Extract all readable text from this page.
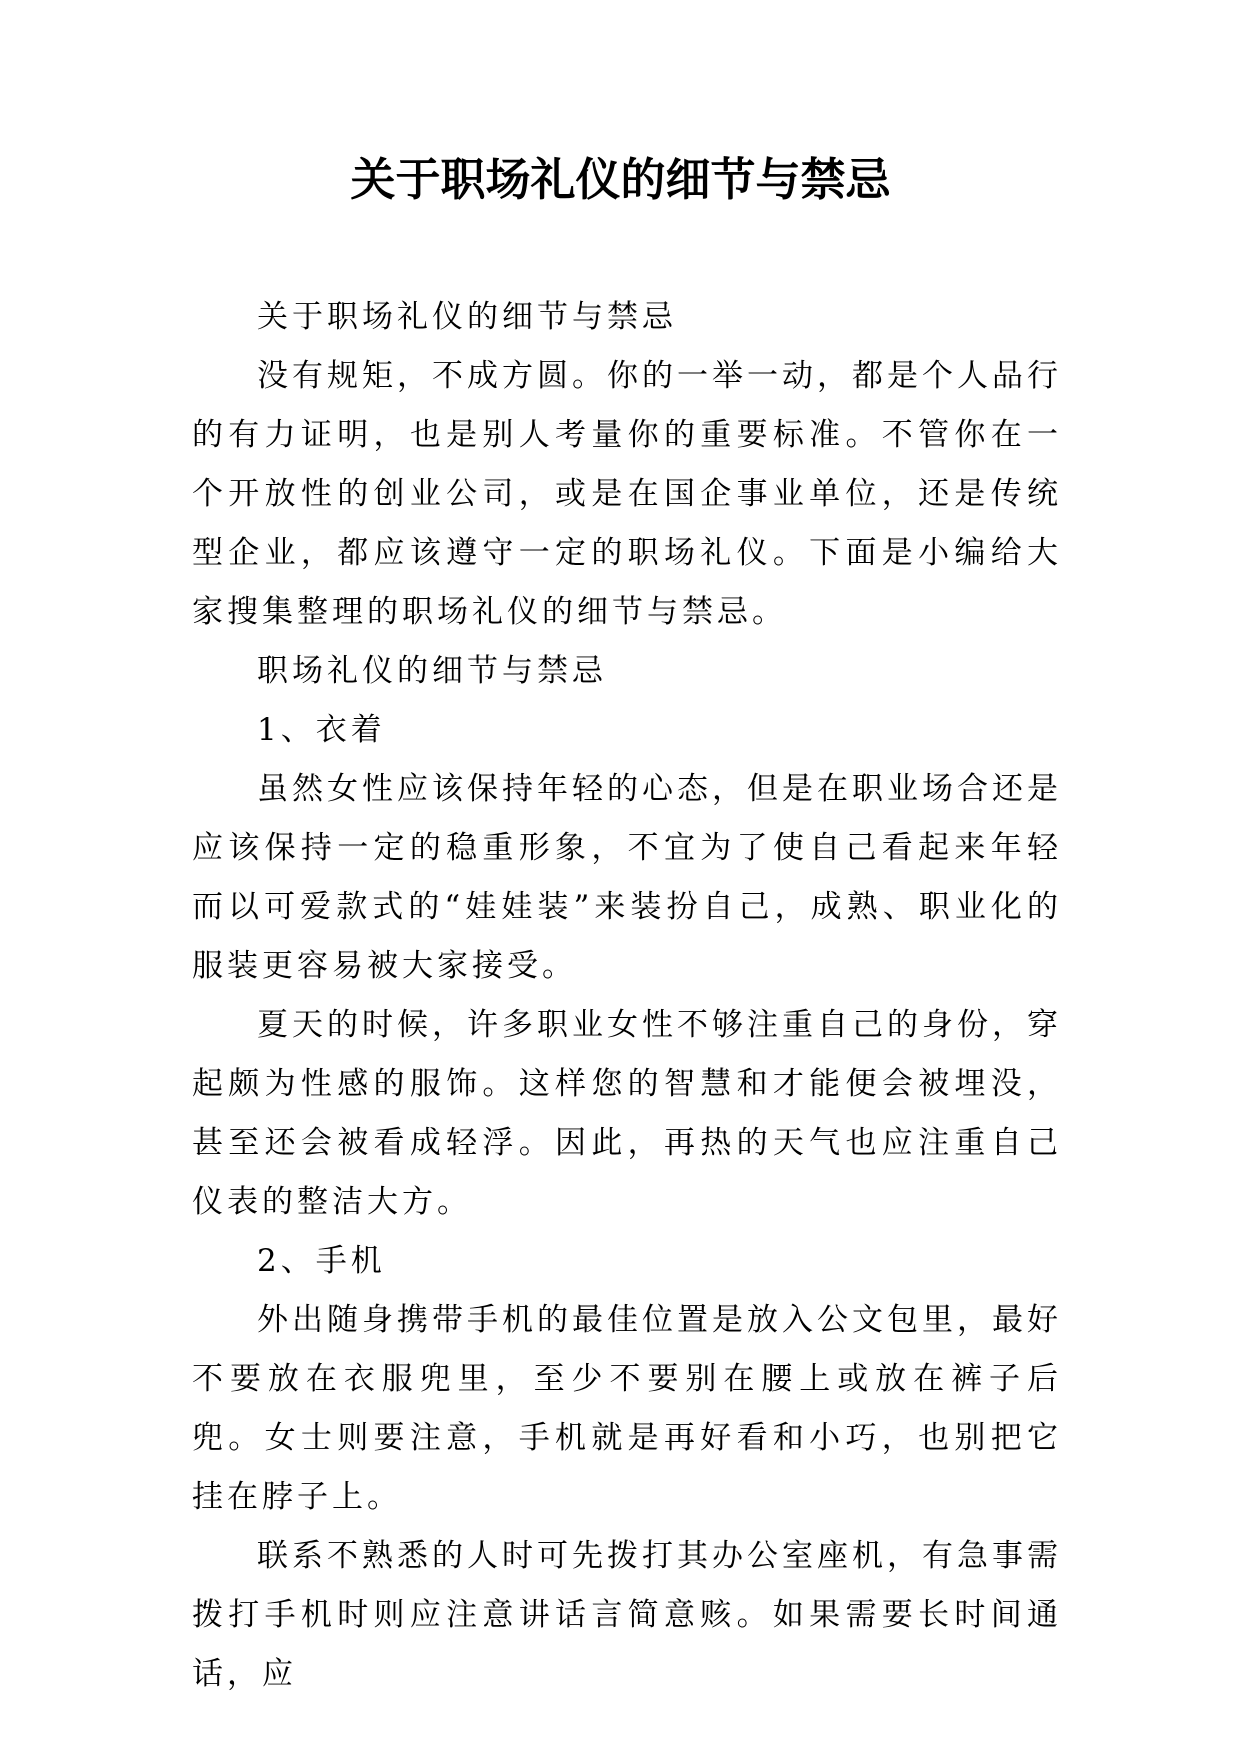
关于职场礼仪的细节与禁忌

关于职场礼仪的细节与禁忌

没有规矩，不成方圆。你的一举一动，都是个人品行的有力证明，也是别人考量你的重要标准。不管你在一个开放性的创业公司，或是在国企事业单位，还是传统型企业，都应该遵守一定的职场礼仪。下面是小编给大家搜集整理的职场礼仪的细节与禁忌。

职场礼仪的细节与禁忌

1、衣着

虽然女性应该保持年轻的心态，但是在职业场合还是应该保持一定的稳重形象，不宜为了使自己看起来年轻而以可爱款式的“娃娃装”来装扮自己，成熟、职业化的服装更容易被大家接受。

夏天的时候，许多职业女性不够注重自己的身份，穿起颇为性感的服饰。这样您的智慧和才能便会被埋没，甚至还会被看成轻浮。因此，再热的天气也应注重自己仪表的整洁大方。

2、手机

外出随身携带手机的最佳位置是放入公文包里，最好不要放在衣服兜里，至少不要别在腰上或放在裤子后兜。女士则要注意，手机就是再好看和小巧，也别把它挂在脖子上。

联系不熟悉的人时可先拨打其办公室座机，有急事需拨打手机时则应注意讲话言简意赅。如果需要长时间通话，应
